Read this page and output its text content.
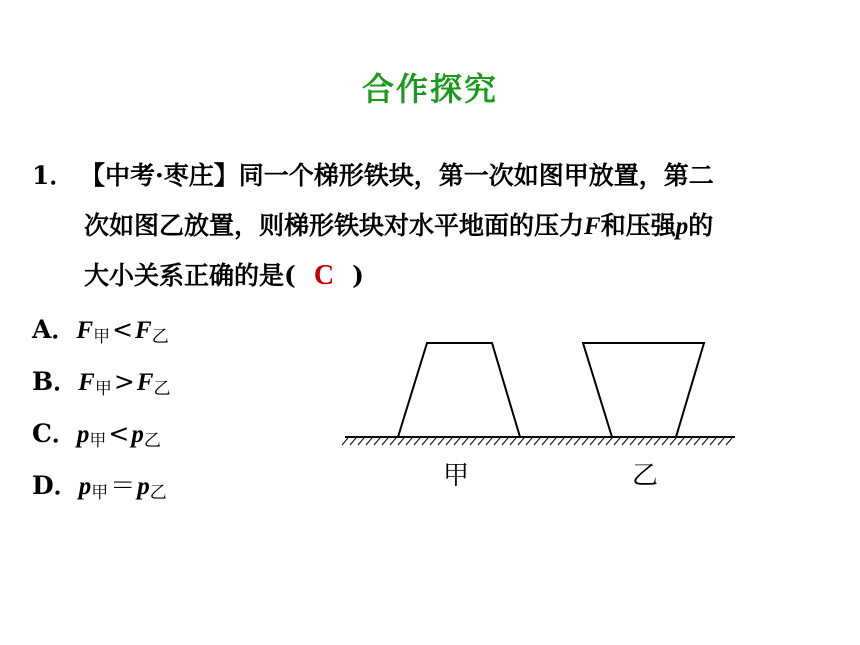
合作探究
1． 【中考·枣庄】同一个梯形铁块，第一次如图甲放置，第二
次如图乙放置，则梯形铁块对水平地面的压力F和压强p的
大小关系正确的是( C )
A．$F_甲<F_乙$
B．$F_甲>F_乙$
C．$p_甲<p_乙$
D．$p_甲=p_乙$
甲	乙
